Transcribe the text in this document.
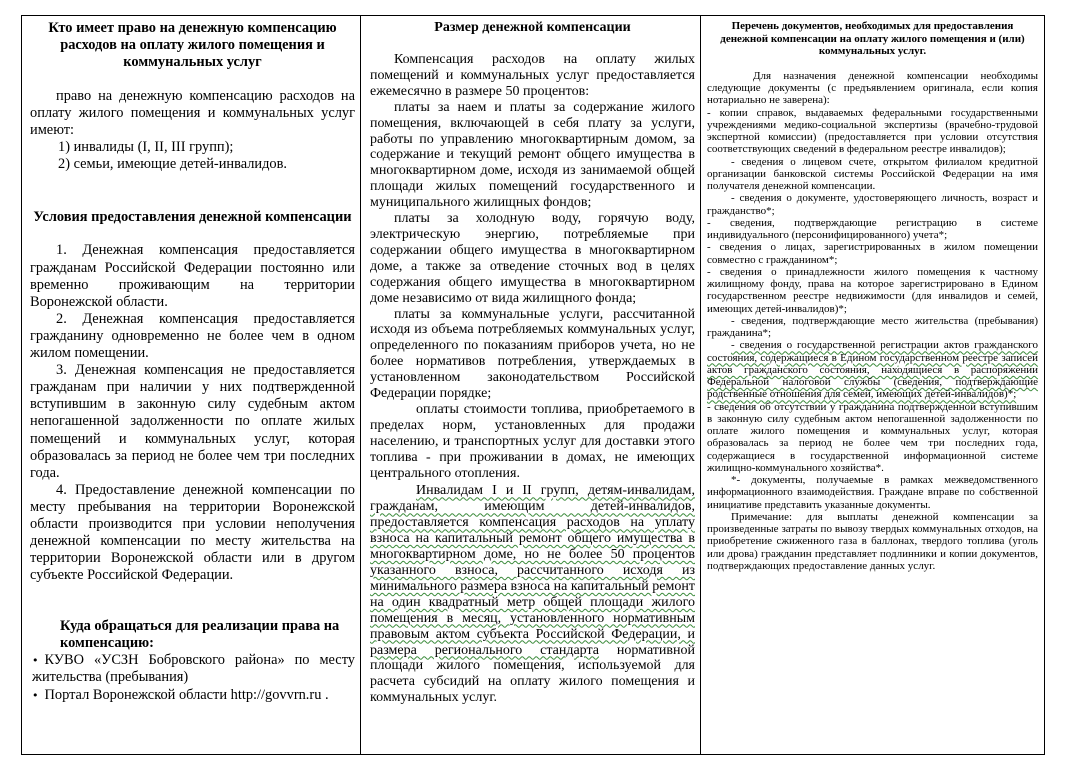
Кто имеет право на денежную компенсацию расходов на оплату жилого помещения и коммунальных услуг

право на денежную компенсацию расходов на оплату жилого помещения и коммунальных услуг имеют:

1) инвалиды (I, II, III групп);

2) семьи, имеющие детей-инвалидов.

Условия предоставления денежной компенсации

1. Денежная компенсация предоставляется гражданам Российской Федерации постоянно или временно проживающим на территории Воронежской области.

2. Денежная компенсация предоставляется гражданину одновременно не более чем в одном жилом помещении.

3. Денежная компенсация не предоставляется гражданам при наличии у них подтвержденной вступившим в законную силу судебным актом непогашенной задолженности по оплате жилых помещений и коммунальных услуг, которая образовалась за период не более чем три последних года.

4. Предоставление денежной компенсации по месту пребывания на территории Воронежской области производится при условии неполучения денежной компенсации по месту жительства на территории Воронежской области или в другом субъекте Российской Федерации.

Куда обращаться для реализации права на компенсацию:

• КУВО «УСЗН Бобровского района» по месту жительства (пребывания)

• Портал Воронежской области http://govvrn.ru .

Размер денежной компенсации

Компенсация расходов на оплату жилых помещений и коммунальных услуг предоставляется ежемесячно в размере 50 процентов:

платы за наем и платы за содержание жилого помещения, включающей в себя плату за услуги, работы по управлению многоквартирным домом, за содержание и текущий ремонт общего имущества в многоквартирном доме, исходя из занимаемой общей площади жилых помещений государственного и муниципального жилищных фондов;

платы за холодную воду, горячую воду, электрическую энергию, потребляемые при содержании общего имущества в многоквартирном доме, а также за отведение сточных вод в целях содержания общего имущества в многоквартирном доме независимо от вида жилищного фонда;

платы за коммунальные услуги, рассчитанной исходя из объема потребляемых коммунальных услуг, определенного по показаниям приборов учета, но не более нормативов потребления, утверждаемых в установленном законодательством Российской Федерации порядке;

оплаты стоимости топлива, приобретаемого в пределах норм, установленных для продажи населению, и транспортных услуг для доставки этого топлива - при проживании в домах, не имеющих центрального отопления.

Инвалидам I и II групп, детям-инвалидам, гражданам, имеющим детей-инвалидов, предоставляется компенсация расходов на уплату взноса на капитальный ремонт общего имущества в многоквартирном доме, но не более 50 процентов указанного взноса, рассчитанного исходя из минимального размера взноса на капитальный ремонт на один квадратный метр общей площади жилого помещения в месяц, установленного нормативным правовым актом субъекта Российской Федерации, и размера регионального стандарта нормативной площади жилого помещения, используемой для расчета субсидий на оплату жилого помещения и коммунальных услуг.

Перечень документов, необходимых для предоставления денежной компенсации на оплату жилого помещения и (или) коммунальных услуг.

Для назначения денежной компенсации необходимы следующие документы (с предъявлением оригинала, если копия нотариально не заверена):

- копии справок, выдаваемых федеральными государственными учреждениями медико-социальной экспертизы (врачебно-трудовой экспертной комиссии) (предоставляется при условии отсутствия соответствующих сведений в федеральном реестре инвалидов);

- сведения о лицевом счете, открытом филиалом кредитной организации банковской системы Российской Федерации на имя получателя денежной компенсации.

- сведения о документе, удостоверяющего личность, возраст и гражданство*;

- сведения, подтверждающие регистрацию в системе индивидуального (персонифицированного) учета*;

- сведения о лицах, зарегистрированных в жилом помещении совместно с гражданином*;

- сведения о принадлежности жилого помещения к частному жилищному фонду, права на которое зарегистрировано в Едином государственном реестре недвижимости (для инвалидов и семей, имеющих детей-инвалидов)*;

- сведения, подтверждающие место жительства (пребывания) гражданина*;

- сведения о государственной регистрации актов гражданского состояния, содержащиеся в Едином государственном реестре записей актов гражданского состояния, находящиеся в распоряжении Федеральной налоговой службы (сведения, подтверждающие родственные отношения для семей, имеющих детей-инвалидов)*;

- сведения об отсутствии у гражданина подтвержденной вступившим в законную силу судебным актом непогашенной задолженности по оплате жилого помещения и коммунальных услуг, которая образовалась за период не более чем три последних года, содержащиеся в государственной информационной системе жилищно-коммунального хозяйства*.

*- документы, получаемые в рамках межведомственного информационного взаимодействия. Граждане вправе по собственной инициативе представить указанные документы.

Примечание: для выплаты денежной компенсации за произведенные затраты по вывозу твердых коммунальных отходов, на приобретение сжиженного газа в баллонах, твердого топлива (уголь или дрова) гражданин представляет подлинники и копии документов, подтверждающих предоставление данных услуг.
